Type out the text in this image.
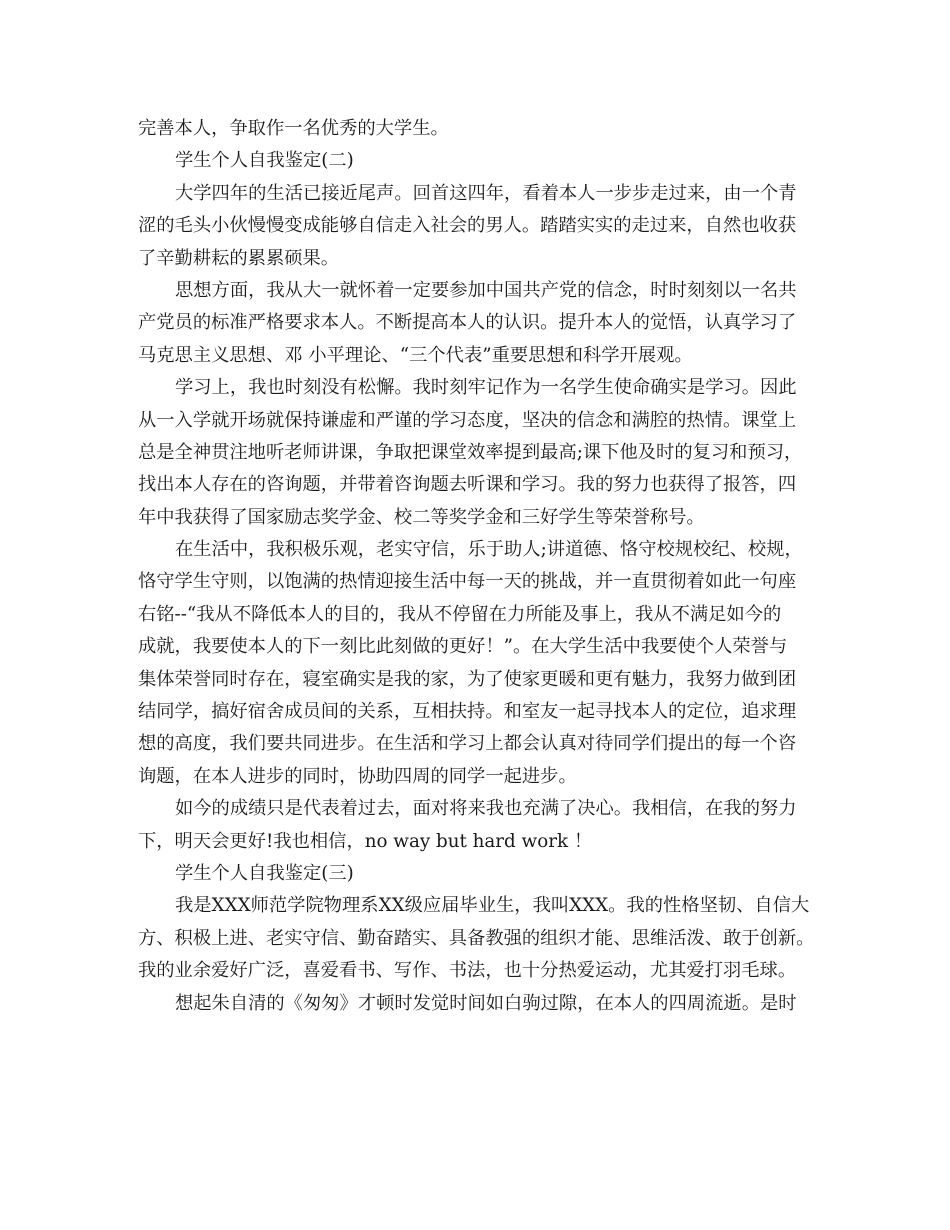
完善本人，争取作一名优秀的大学生。
学生个人自我鉴定(二)
大学四年的生活已接近尾声。回首这四年，看着本人一步步走过来，由一个青
涩的毛头小伙慢慢变成能够自信走入社会的男人。踏踏实实的走过来，自然也收获
了辛勤耕耘的累累硕果。
思想方面，我从大一就怀着一定要参加中国共产党的信念，时时刻刻以一名共
产党员的标准严格要求本人。不断提高本人的认识。提升本人的觉悟，认真学习了
马克思主义思想、邓 小平理论、“三个代表”重要思想和科学开展观。
学习上，我也时刻没有松懈。我时刻牢记作为一名学生使命确实是学习。因此
从一入学就开场就保持谦虚和严谨的学习态度，坚决的信念和满腔的热情。课堂上
总是全神贯注地听老师讲课，争取把课堂效率提到最高;课下他及时的复习和预习，
找出本人存在的咨询题，并带着咨询题去听课和学习。我的努力也获得了报答，四
年中我获得了国家励志奖学金、校二等奖学金和三好学生等荣誉称号。
在生活中，我积极乐观，老实守信，乐于助人;讲道德、恪守校规校纪、校规，
恪守学生守则，以饱满的热情迎接生活中每一天的挑战，并一直贯彻着如此一句座
右铭--“我从不降低本人的目的，我从不停留在力所能及事上，我从不满足如今的
成就，我要使本人的下一刻比此刻做的更好！”。在大学生活中我要使个人荣誉与
集体荣誉同时存在，寝室确实是我的家，为了使家更暖和更有魅力，我努力做到团
结同学，搞好宿舍成员间的关系，互相扶持。和室友一起寻找本人的定位，追求理
想的高度，我们要共同进步。在生活和学习上都会认真对待同学们提出的每一个咨
询题，在本人进步的同时，协助四周的同学一起进步。
如今的成绩只是代表着过去，面对将来我也充满了决心。我相信，在我的努力
下，明天会更好!我也相信，no way but hard work ！
学生个人自我鉴定(三)
我是XXX师范学院物理系XX级应届毕业生，我叫XXX。我的性格坚韧、自信大
方、积极上进、老实守信、勤奋踏实、具备教强的组织才能、思维活泼、敢于创新。
我的业余爱好广泛，喜爱看书、写作、书法，也十分热爱运动，尤其爱打羽毛球。
想起朱自清的《匆匆》才顿时发觉时间如白驹过隙，在本人的四周流逝。是时
